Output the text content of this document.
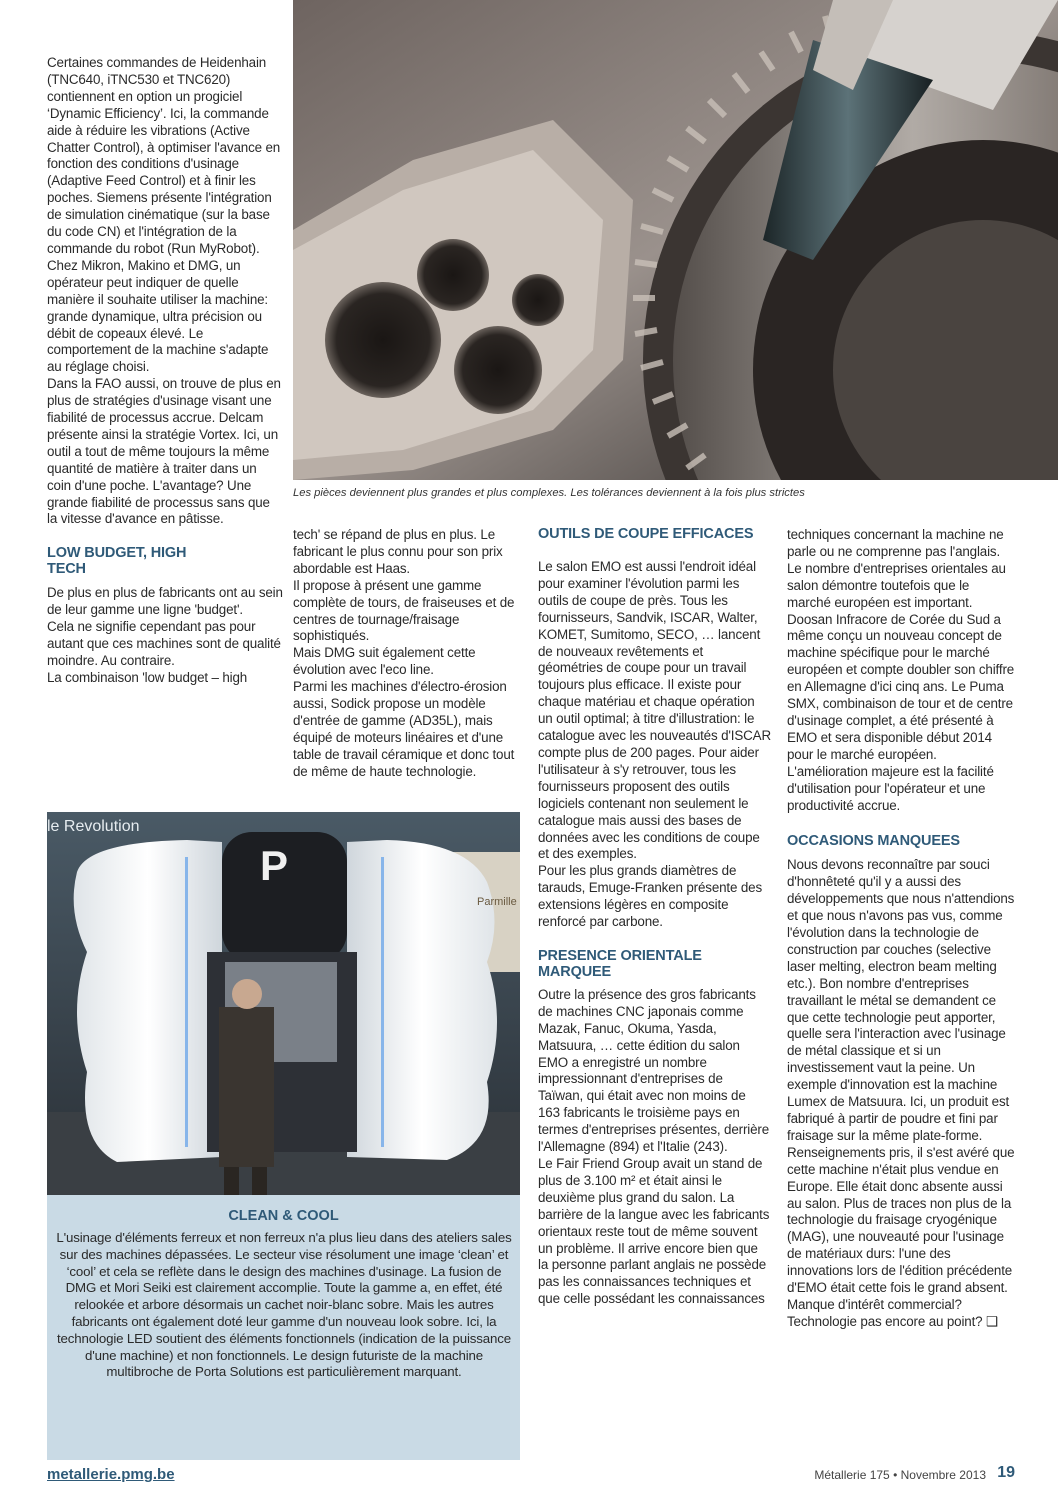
Les pièces deviennent plus grandes et plus complexes. Les tolérances deviennent à la fois plus strictes

Certaines commandes de Heidenhain (TNC640, iTNC530 et TNC620) contiennent en option un progiciel ‘Dynamic Efficiency’. Ici, la commande aide à réduire les vibrations (Active Chatter Control), à optimiser l'avance en fonction des conditions d'usinage (Adaptive Feed Control) et à finir les poches. Siemens présente l'intégration de simulation cinématique (sur la base du code CN) et l'intégration de la commande du robot (Run MyRobot). Chez Mikron, Makino et DMG, un opérateur peut indiquer de quelle manière il souhaite utiliser la machine: grande dynamique, ultra précision ou débit de copeaux élevé. Le comportement de la machine s'adapte au réglage choisi.

Dans la FAO aussi, on trouve de plus en plus de stratégies d'usinage visant une fiabilité de processus accrue. Delcam présente ainsi la stratégie Vortex. Ici, un outil a tout de même toujours la même quantité de matière à traiter dans un coin d'une poche. L'avantage? Une grande fiabilité de processus sans que la vitesse d'avance en pâtisse.

LOW BUDGET, HIGH TECH

De plus en plus de fabricants ont au sein de leur gamme une ligne 'budget'.

Cela ne signifie cependant pas pour autant que ces machines sont de qualité moindre. Au contraire.

La combinaison 'low budget – high

tech' se répand de plus en plus. Le fabricant le plus connu pour son prix abordable est Haas.

Il propose à présent une gamme complète de tours, de fraiseuses et de centres de tournage/fraisage sophistiqués.

Mais DMG suit également cette évolution avec l'eco line.

Parmi les machines d'électro-érosion aussi, Sodick propose un modèle d'entrée de gamme (AD35L), mais équipé de moteurs linéaires et d'une table de travail céramique et donc tout de même de haute technologie.

OUTILS DE COUPE EFFICACES

Le salon EMO est aussi l'endroit idéal pour examiner l'évolution parmi les outils de coupe de près. Tous les fournisseurs, Sandvik, ISCAR, Walter, KOMET, Sumitomo, SECO, … lancent de nouveaux revêtements et géométries de coupe pour un travail toujours plus efficace. Il existe pour chaque matériau et chaque opération un outil optimal; à titre d'illustration: le catalogue avec les nouveautés d'ISCAR compte plus de 200 pages. Pour aider l'utilisateur à s'y retrouver, tous les fournisseurs proposent des outils logiciels contenant non seulement le catalogue mais aussi des bases de données avec les conditions de coupe et des exemples.

Pour les plus grands diamètres de tarauds, Emuge-Franken présente des extensions légères en composite renforcé par carbone.

PRESENCE ORIENTALE MARQUEE

Outre la présence des gros fabricants de machines CNC japonais comme Mazak, Fanuc, Okuma, Yasda, Matsuura, … cette édition du salon EMO a enregistré un nombre impressionnant d'entreprises de Taïwan, qui était avec non moins de 163 fabricants le troisième pays en termes d'entreprises présentes, derrière l'Allemagne (894) et l'Italie (243).

Le Fair Friend Group avait un stand de plus de 3.100 m² et était ainsi le deuxième plus grand du salon. La barrière de la langue avec les fabricants orientaux reste tout de même souvent un problème. Il arrive encore bien que la personne parlant anglais ne possède pas les connaissances techniques et que celle possédant les connaissances

techniques concernant la machine ne parle ou ne comprenne pas l'anglais. Le nombre d'entreprises orientales au salon démontre toutefois que le marché européen est important.

Doosan Infracore de Corée du Sud a même conçu un nouveau concept de machine spécifique pour le marché européen et compte doubler son chiffre en Allemagne d'ici cinq ans. Le Puma SMX, combinaison de tour et de centre d'usinage complet, a été présenté à EMO et sera disponible début 2014 pour le marché européen.

L'amélioration majeure est la facilité d'utilisation pour l'opérateur et une productivité accrue.

OCCASIONS MANQUEES

Nous devons reconnaître par souci d'honnêteté qu'il y a aussi des développements que nous n'attendions et que nous n'avons pas vus, comme l'évolution dans la technologie de construction par couches (selective laser melting, electron beam melting etc.). Bon nombre d'entreprises travaillant le métal se demandent ce que cette technologie peut apporter, quelle sera l'interaction avec l'usinage de métal classique et si un investissement vaut la peine. Un exemple d'innovation est la machine Lumex de Matsuura. Ici, un produit est fabriqué à partir de poudre et fini par fraisage sur la même plate-forme. Renseignements pris, il s'est avéré que cette machine n'était plus vendue en Europe. Elle était donc absente aussi au salon. Plus de traces non plus de la technologie du fraisage cryogénique (MAG), une nouveauté pour l'usinage de matériaux durs: l'une des innovations lors de l'édition précédente d'EMO était cette fois le grand absent. Manque d'intérêt commercial? Technologie pas encore au point? ❑

le Revolution
Parmille
P
CLEAN & COOL
L'usinage d'éléments ferreux et non ferreux n'a plus lieu dans des ateliers sales sur des machines dépassées. Le secteur vise résolument une image ‘clean’ et ‘cool’ et cela se reflète dans le design des machines d'usinage. La fusion de DMG et Mori Seiki est clairement accomplie. Toute la gamme a, en effet, été relookée et arbore désormais un cachet noir-blanc sobre. Mais les autres fabricants ont également doté leur gamme d'un nouveau look sobre. Ici, la technologie LED soutient des éléments fonctionnels (indication de la puissance d'une machine) et non fonctionnels. Le design futuriste de la machine multibroche de Porta Solutions est particulièrement marquant.
metallerie.pmg.be	Métallerie 175 • Novembre 2013 19
